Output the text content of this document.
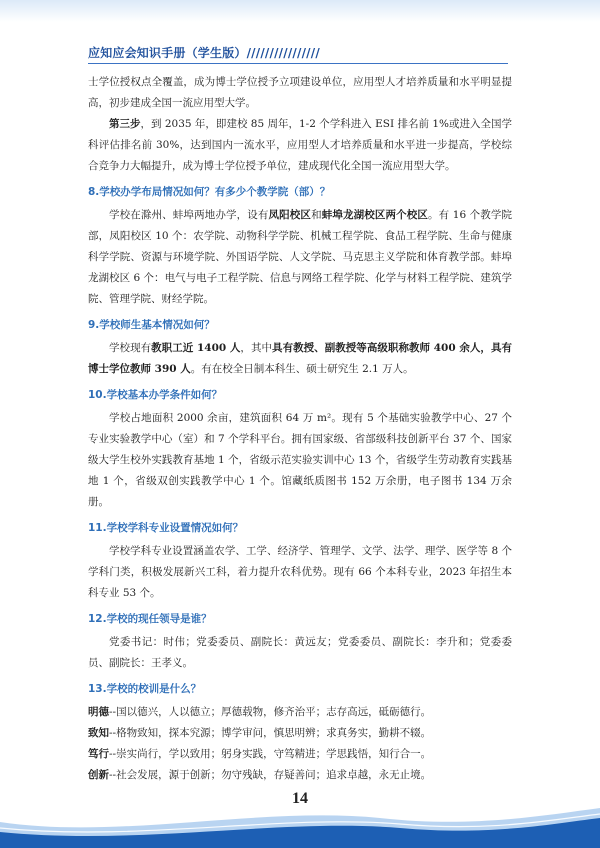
应知应会知识手册（学生版）////////////////

士学位授权点全覆盖，成为博士学位授予立项建设单位，应用型人才培养质量和水平明显提高，初步建成全国一流应用型大学。

第三步，到 2035 年，即建校 85 周年，1-2 个学科进入 ESI 排名前 1%或进入全国学科评估排名前 30%，达到国内一流水平，应用型人才培养质量和水平进一步提高，学校综合竞争力大幅提升，成为博士学位授予单位，建成现代化全国一流应用型大学。

8.学校办学布局情况如何？有多少个教学院（部）？

学校在滁州、蚌埠两地办学，设有凤阳校区和蚌埠龙湖校区两个校区。有 16 个教学院部，凤阳校区 10 个：农学院、动物科学学院、机械工程学院、食品工程学院、生命与健康科学学院、资源与环境学院、外国语学院、人文学院、马克思主义学院和体育教学部。蚌埠龙湖校区 6 个：电气与电子工程学院、信息与网络工程学院、化学与材料工程学院、建筑学院、管理学院、财经学院。

9.学校师生基本情况如何？

学校现有教职工近 1400 人，其中具有教授、副教授等高级职称教师 400 余人，具有博士学位教师 390 人。有在校全日制本科生、硕士研究生 2.1 万人。

10.学校基本办学条件如何？

学校占地面积 2000 余亩，建筑面积 64 万 m²。现有 5 个基础实验教学中心、27 个专业实验教学中心（室）和 7 个学科平台。拥有国家级、省部级科技创新平台 37 个、国家级大学生校外实践教育基地 1 个，省级示范实验实训中心 13 个，省级学生劳动教育实践基地 1 个，省级双创实践教学中心 1 个。馆藏纸质图书 152 万余册，电子图书 134 万余册。

11.学校学科专业设置情况如何？

学校学科专业设置涵盖农学、工学、经济学、管理学、文学、法学、理学、医学等 8 个学科门类，积极发展新兴工科，着力提升农科优势。现有 66 个本科专业，2023 年招生本科专业 53 个。

12.学校的现任领导是谁？

党委书记：时伟；党委委员、副院长：黄远友；党委委员、副院长：李升和；党委委员、副院长：王孝义。

13.学校的校训是什么？

明德--国以德兴，人以德立；厚德载物，修齐治平；志存高远，砥砺德行。

致知--格物致知，探本究源；博学审问，慎思明辨；求真务实，勤耕不辍。

笃行--崇实尚行，学以致用；躬身实践，守笃精进；学思践悟，知行合一。

创新--社会发展，源于创新；勿守残缺，存疑善问；追求卓越，永无止境。

14
